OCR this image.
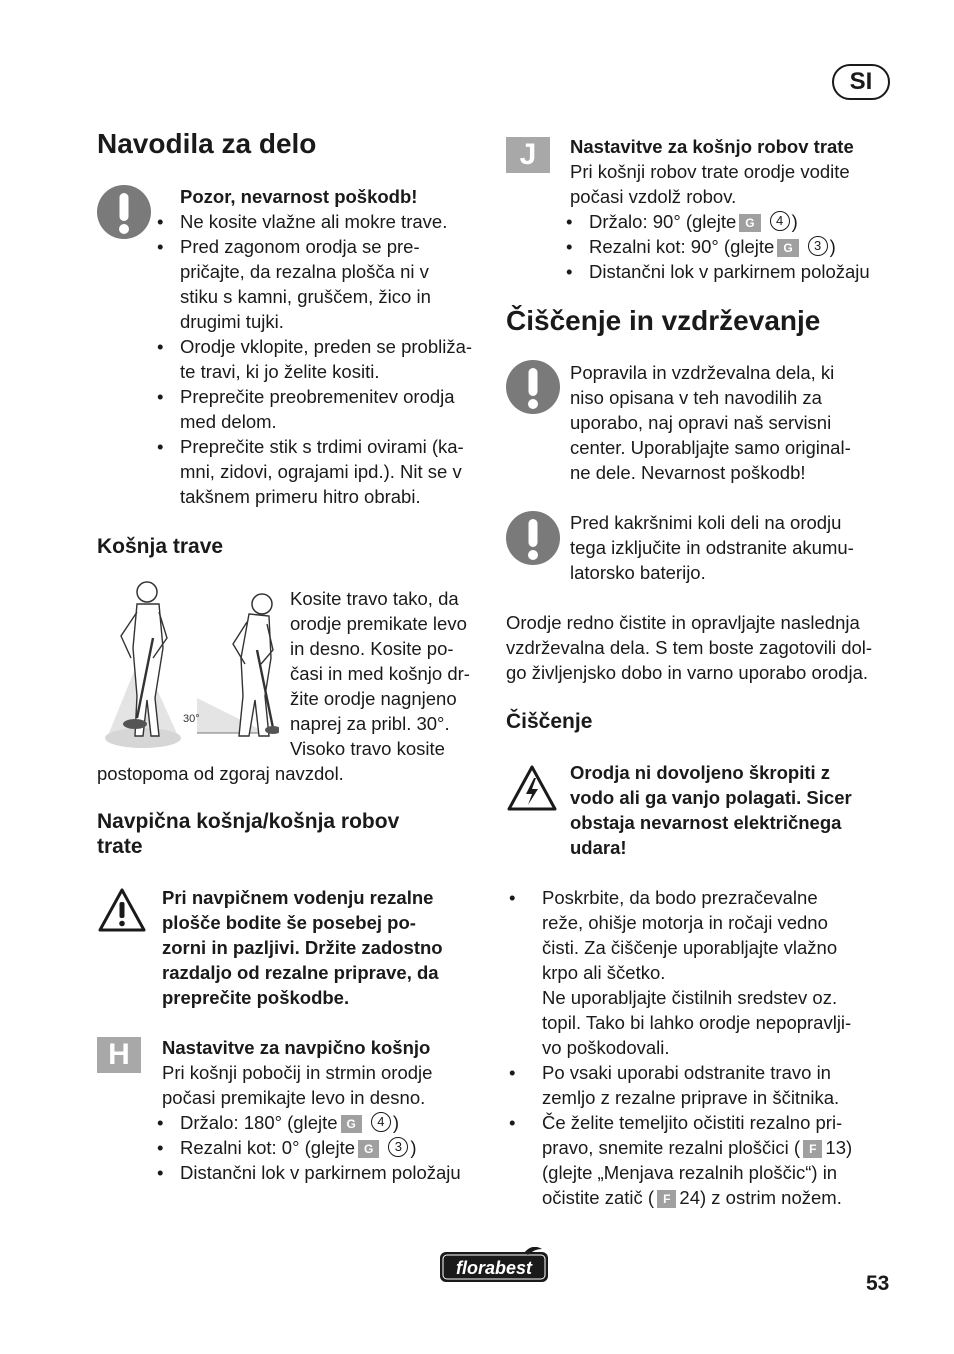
SI
Navodila za delo
Pozor, nevarnost poškodb!
• Ne kosite vlažne ali mokre trave.
• Pred zagonom orodja se pre-
pričajte, da rezalna plošča ni v
stiku s kamni, gruščem, žico in
drugimi tujki.
• Orodje vklopite, preden se probliža-
te travi, ki jo želite kositi.
• Preprečite preobremenitev orodja
med delom.
• Preprečite stik s trdimi ovirami (ka-
mni, zidovi, ograjami ipd.). Nit se v
takšnem primeru hitro obrabi.
Košnja trave
30°
Kosite travo tako, da
orodje premikate levo
in desno. Kosite po-
časi in med košnjo dr-
žite orodje nagnjeno
naprej za pribl. 30°.
Visoko travo kosite
postopoma od zgoraj navzdol.
Navpična košnja/košnja robov
trate
Pri navpičnem vodenju rezalne
plošče bodite še posebej po-
zorni in pazljivi. Držite zadostno
razdaljo od rezalne priprave, da
preprečite poškodbe.
H	Nastavitve za navpično košnjo
Pri košnji pobočij in strmin orodje
počasi premikajte levo in desno.
• Držalo: 180° (glejte G 4 )
• Rezalni kot: 0° (glejte G 3 )
• Distančni lok v parkirnem položaju
J	Nastavitve za košnjo robov trate
Pri košnji robov trate orodje vodite
počasi vzdolž robov.
• Držalo: 90° (glejte G 4 )
• Rezalni kot: 90° (glejte G 3 )
• Distančni lok v parkirnem položaju
Čiščenje in vzdrževanje
Popravila in vzdrževalna dela, ki
niso opisana v teh navodilih za
uporabo, naj opravi naš servisni
center. Uporabljajte samo original-
ne dele. Nevarnost poškodb!
Pred kakršnimi koli deli na orodju
tega izključite in odstranite akumu-
latorsko baterijo.
Orodje redno čistite in opravljajte naslednja
vzdrževalna dela. S tem boste zagotovili dol-
go življenjsko dobo in varno uporabo orodja.
Čiščenje
Orodja ni dovoljeno škropiti z
vodo ali ga vanjo polagati. Sicer
obstaja nevarnost električnega
udara!
• Poskrbite, da bodo prezračevalne
reže, ohišje motorja in ročaji vedno
čisti. Za čiščenje uporabljajte vlažno
krpo ali ščetko.
Ne uporabljajte čistilnih sredstev oz.
topil. Tako bi lahko orodje nepopravlji-
vo poškodovali.
• Po vsaki uporabi odstranite travo in
zemljo z rezalne priprave in ščitnika.
• Če želite temeljito očistiti rezalno pri-
pravo, snemite rezalni ploščici ( F 13)
(glejte „Menjava rezalnih ploščic“) in
očistite zatič ( F 24) z ostrim nožem.
florabest
53
